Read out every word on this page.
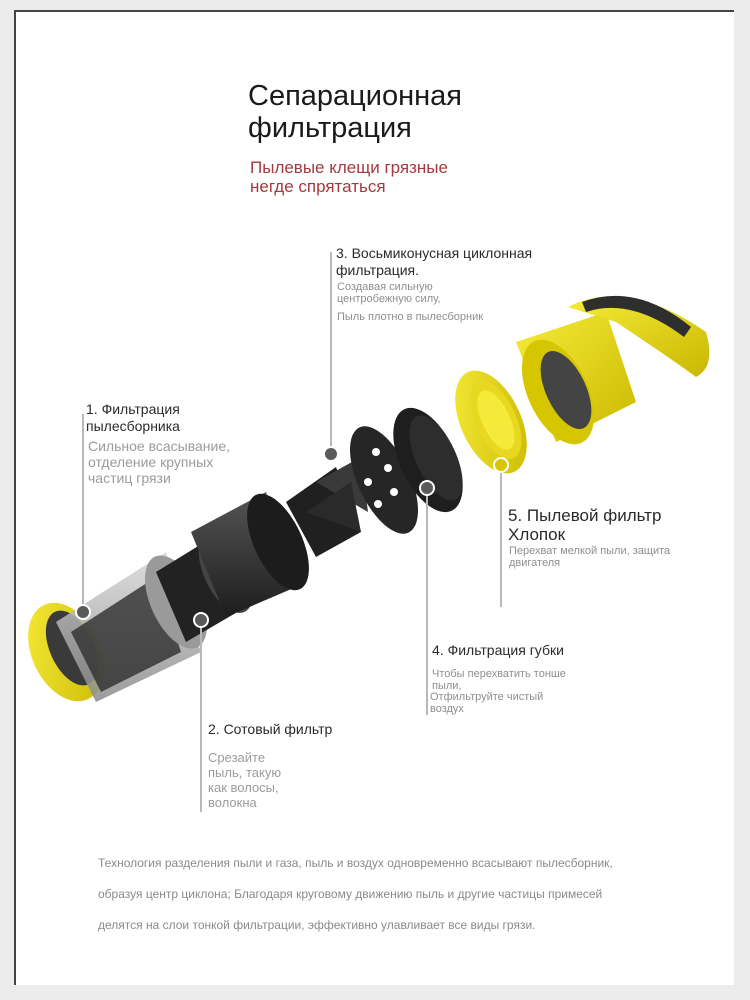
Сепарационная
фильтрация
Пылевые клещи грязные
негде спрятаться
1. Фильтрация
пылесборника
Сильное всасывание,
отделение крупных
частиц грязи
2. Сотовый фильтр
Срезайте
пыль, такую
как волосы,
волокна
3. Восьмиконусная циклонная
фильтрация.
Создавая сильную
центробежную силу,
Пыль плотно в пылесборник
4. Фильтрация губки
Чтобы перехватить тонше
пыли,
Отфильтруйте чистый
воздух
5. Пылевой фильтр
Хлопок
Перехват мелкой пыли, защита
двигателя
Технология разделения пыли и газа, пыль и воздух одновременно всасывают пылесборник,
образуя центр циклона; Благодаря круговому движению пыль и другие частицы примесей
делятся на слои тонкой фильтрации, эффективно улавливает все виды грязи.
